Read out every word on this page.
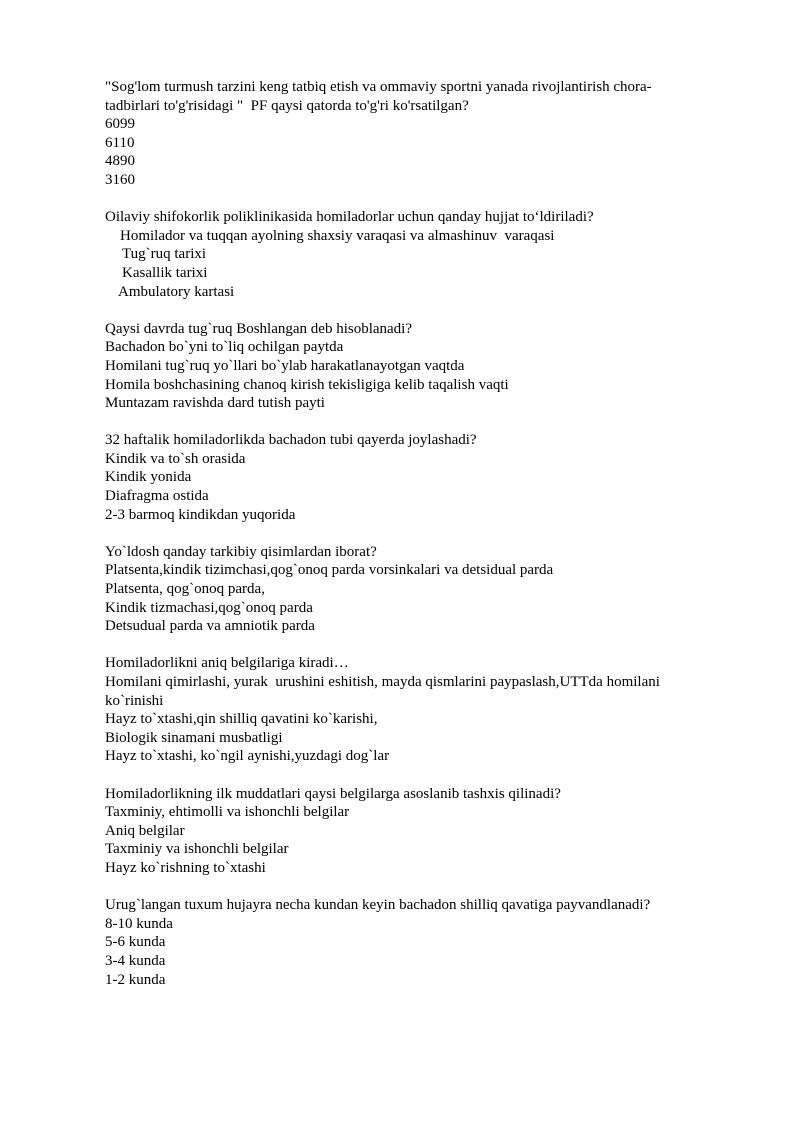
"Sog'lom turmush tarzini keng tatbiq etish va ommaviy sportni yanada rivojlantirish chora-

tadbirlari to'g'risidagi "  PF qaysi qatorda to'g'ri ko'rsatilgan?

6099

6110

4890

3160

Oilaviy shifokorlik poliklinikasida homiladorlar uchun qanday hujjat to‘ldiriladi?

Homilador va tuqqan ayolning shaxsiy varaqasi va almashinuv  varaqasi

Tug`ruq tarixi

Kasallik tarixi

Ambulatory kartasi

Qaysi davrda tug`ruq Boshlangan deb hisoblanadi?

Bachadon bo`yni to`liq ochilgan paytda

Homilani tug`ruq yo`llari bo`ylab harakatlanayotgan vaqtda

Homila boshchasining chanoq kirish tekisligiga kelib taqalish vaqti

Muntazam ravishda dard tutish payti

32 haftalik homiladorlikda bachadon tubi qayerda joylashadi?

Kindik va to`sh orasida

Kindik yonida

Diafragma ostida

2-3 barmoq kindikdan yuqorida

Yo`ldosh qanday tarkibiy qisimlardan iborat?

Platsenta,kindik tizimchasi,qog`onoq parda vorsinkalari va detsidual parda

Platsenta, qog`onoq parda,

Kindik tizmachasi,qog`onoq parda

Detsudual parda va amniotik parda

Homiladorlikni aniq belgilariga kiradi…

Homilani qimirlashi, yurak  urushini eshitish, mayda qismlarini paypaslash,UTTda homilani

ko`rinishi

Hayz to`xtashi,qin shilliq qavatini ko`karishi,

Biologik sinamani musbatligi

Hayz to`xtashi, ko`ngil aynishi,yuzdagi dog`lar

Homiladorlikning ilk muddatlari qaysi belgilarga asoslanib tashxis qilinadi?

Taxminiy, ehtimolli va ishonchli belgilar

Aniq belgilar

Taxminiy va ishonchli belgilar

Hayz ko`rishning to`xtashi

Urug`langan tuxum hujayra necha kundan keyin bachadon shilliq qavatiga payvandlanadi?

8-10 kunda

5-6 kunda

3-4 kunda

1-2 kunda
